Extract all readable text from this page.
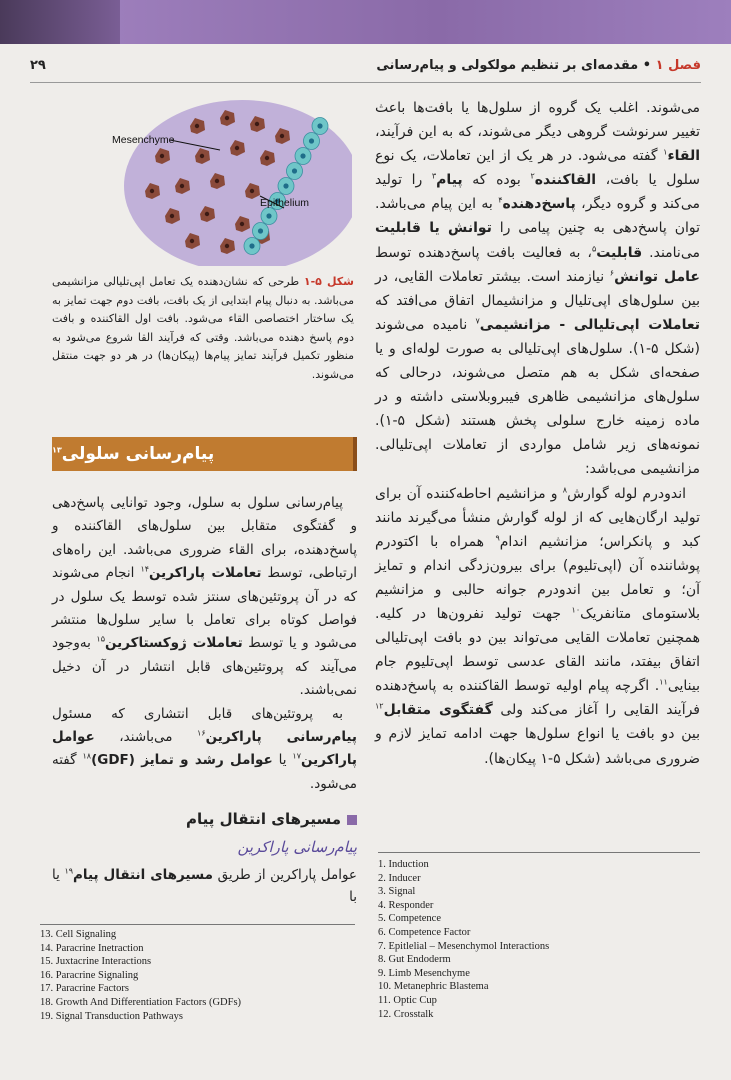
فصل ۱ • مقدمه‌ای بر تنظیم مولکولی و پیام‌رسانی
۲۹

می‌شوند. اغلب یک گروه از سلول‌ها یا بافت‌ها باعث تغییر سرنوشت گروهی دیگر می‌شوند، که به این فرآیند، القاء$^۱$ گفته می‌شود. در هر یک از این تعاملات، یک نوع سلول یا بافت، القاکننده$^۲$ بوده که پیام$^۳$ را تولید می‌کند و گروه دیگر، پاسخ‌دهنده$^۴$ به این پیام می‌باشد. توان پاسخ‌دهی به چنین پیامی را توانش یا قابلیت می‌نامند. قابلیت$^۵$، به فعالیت بافت پاسخ‌دهنده توسط عامل توانش$^۶$ نیازمند است. بیشتر تعاملات القایی، در بین سلول‌های اپی‌تلیال و مزانشیمال اتفاق می‌افتد که تعاملات اپی‌تلیالی - مزانشیمی$^۷$ نامیده می‌شوند (شکل ۵-۱). سلول‌های اپی‌تلیالی به صورت لوله‌ای و یا صفحه‌ای شکل به هم متصل می‌شوند، درحالی که سلول‌های مزانشیمی ظاهری فیبروبلاستی داشته و در ماده زمینه خارج سلولی پخش هستند (شکل ۵-۱). نمونه‌های زیر شامل مواردی از تعاملات اپی‌تلیالی. مزانشیمی می‌باشد:

اندودرم لوله گوارش$^۸$ و مزانشیم احاطه‌کننده آن برای تولید ارگان‌هایی که از لوله گوارش منشأ می‌گیرند مانند کبد و پانکراس؛ مزانشیم اندام$^۹$ همراه با اکتودرم پوشاننده آن (اپی‌تلیوم) برای بیرون‌زدگی اندام و تمایز آن؛ و تعامل بین اندودرم جوانه حالبی و مزانشیم بلاستومای متانفریک$^{۱۰}$ جهت تولید نفرون‌ها در کلیه. همچنین تعاملات القایی می‌تواند بین دو بافت اپی‌تلیالی اتفاق بیفتد، مانند القای عدسی توسط اپی‌تلیوم جام بینایی$^{۱۱}$. اگرچه پیام اولیه توسط القاکننده به پاسخ‌دهنده فرآیند القایی را آغاز می‌کند ولی گفتگوی متقابل$^{۱۲}$ بین دو بافت یا انواع سلول‌ها جهت ادامه تمایز لازم و ضروری می‌باشد (شکل ۵-۱ پیکان‌ها).

Mesenchyme
Epithelium
شکل ۵-۱ طرحی که نشان‌دهنده یک تعامل اپی‌تلیالی مزانشیمی می‌باشد. به دنبال پیام ابتدایی از یک بافت، بافت دوم جهت تمایز به یک ساختار اختصاصی القاء می‌شود. بافت اول القاکننده و بافت دوم پاسخ دهنده می‌باشد. وقتی که فرآیند القا شروع می‌شود به منظور تکمیل فرآیند تمایز پیام‌ها (پیکان‌ها) در هر دو جهت منتقل می‌شوند.
پیام‌رسانی سلولی$^{۱۳}$

پیام‌رسانی سلول به سلول، وجود توانایی پاسخ‌دهی و گفتگوی متقابل بین سلول‌های القاکننده و پاسخ‌دهنده، برای القاء ضروری می‌باشد. این راه‌های ارتباطی، توسط تعاملات پاراکرین$^{۱۴}$ انجام می‌شوند که در آن پروتئین‌های سنتز شده توسط یک سلول در فواصل کوتاه برای تعامل با سایر سلول‌ها منتشر می‌شود و یا توسط تعاملات ژوکستاکرین$^{۱۵}$ به‌وجود می‌آیند که پروتئین‌های قابل انتشار در آن دخیل نمی‌باشند.

به پروتئین‌های قابل انتشاری که مسئول پیام‌رسانی پاراکرین$^{۱۶}$ می‌باشند، عوامل پاراکرین$^{۱۷}$ یا عوامل رشد و تمایز (GDF)$^{۱۸}$ گفته می‌شود.

مسیرهای انتقال پیام
پیام‌رسانی پاراکرین
عوامل پاراکرین از طریق مسیرهای انتقال پیام$^{۱۹}$ یا با
13. Cell Signaling
14. Paracrine Inetraction
15. Juxtacrine Interactions
16. Paracrine Signaling
17. Paracrine Factors
18. Growth And Differentiation Factors (GDFs)
19. Signal Transduction Pathways
1. Induction
2. Inducer
3. Signal
4. Responder
5. Competence
6. Competence Factor
7. Epitlelial – Mesenchymol Interactions
8. Gut Endoderm
9. Limb Mesenchyme
10. Metanephric Blastema
11. Optic Cup
12. Crosstalk
